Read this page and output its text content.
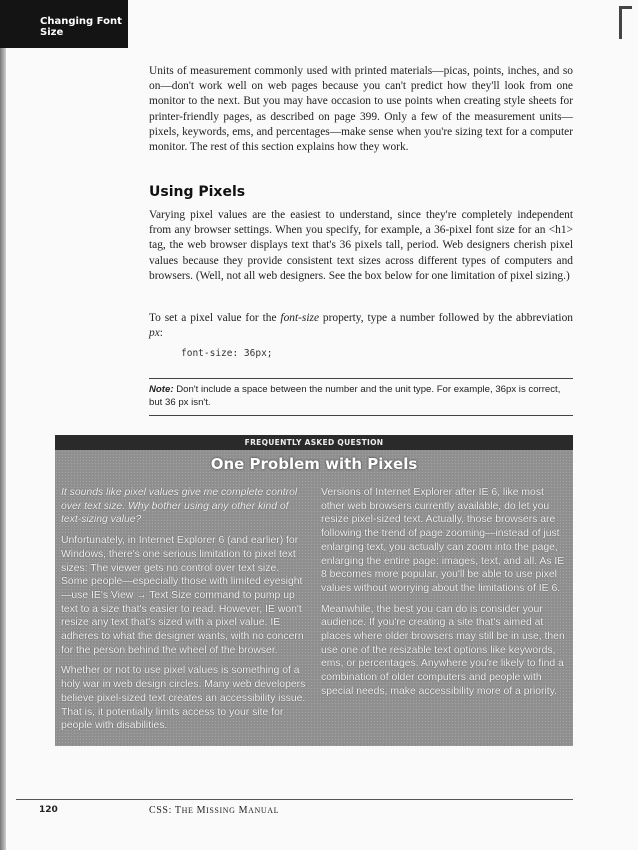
Changing Font Size
Units of measurement commonly used with printed materials—picas, points, inches, and so on—don't work well on web pages because you can't predict how they'll look from one monitor to the next. But you may have occasion to use points when creating style sheets for printer-friendly pages, as described on page 399. Only a few of the measurement units—pixels, keywords, ems, and percentages—make sense when you're sizing text for a computer monitor. The rest of this section explains how they work.
Using Pixels
Varying pixel values are the easiest to understand, since they're completely independent from any browser settings. When you specify, for example, a 36-pixel font size for an <h1> tag, the web browser displays text that's 36 pixels tall, period. Web designers cherish pixel values because they provide consistent text sizes across different types of computers and browsers. (Well, not all web designers. See the box below for one limitation of pixel sizing.)
To set a pixel value for the font-size property, type a number followed by the abbreviation px:
font-size: 36px;
Note: Don't include a space between the number and the unit type. For example, 36px is correct, but 36 px isn't.
FREQUENTLY ASKED QUESTION
One Problem with Pixels

It sounds like pixel values give me complete control over text size. Why bother using any other kind of text-sizing value?

Unfortunately, in Internet Explorer 6 (and earlier) for Windows, there's one serious limitation to pixel text sizes: The viewer gets no control over text size. Some people—especially those with limited eyesight—use IE's View → Text Size command to pump up text to a size that's easier to read. However, IE won't resize any text that's sized with a pixel value. IE adheres to what the designer wants, with no concern for the person behind the wheel of the browser.

Whether or not to use pixel values is something of a holy war in web design circles. Many web developers believe pixel-sized text creates an accessibility issue. That is, it potentially limits access to your site for people with disabilities.

Versions of Internet Explorer after IE 6, like most other web browsers currently available, do let you resize pixel-sized text. Actually, those browsers are following the trend of page zooming—instead of just enlarging text, you actually can zoom into the page, enlarging the entire page: images, text, and all. As IE 8 becomes more popular, you'll be able to use pixel values without worrying about the limitations of IE 6.

Meanwhile, the best you can do is consider your audience. If you're creating a site that's aimed at places where older browsers may still be in use, then use one of the resizable text options like keywords, ems, or percentages. Anywhere you're likely to find a combination of older computers and people with special needs, make accessibility more of a priority.

120	CSS: THE MISSING MANUAL
